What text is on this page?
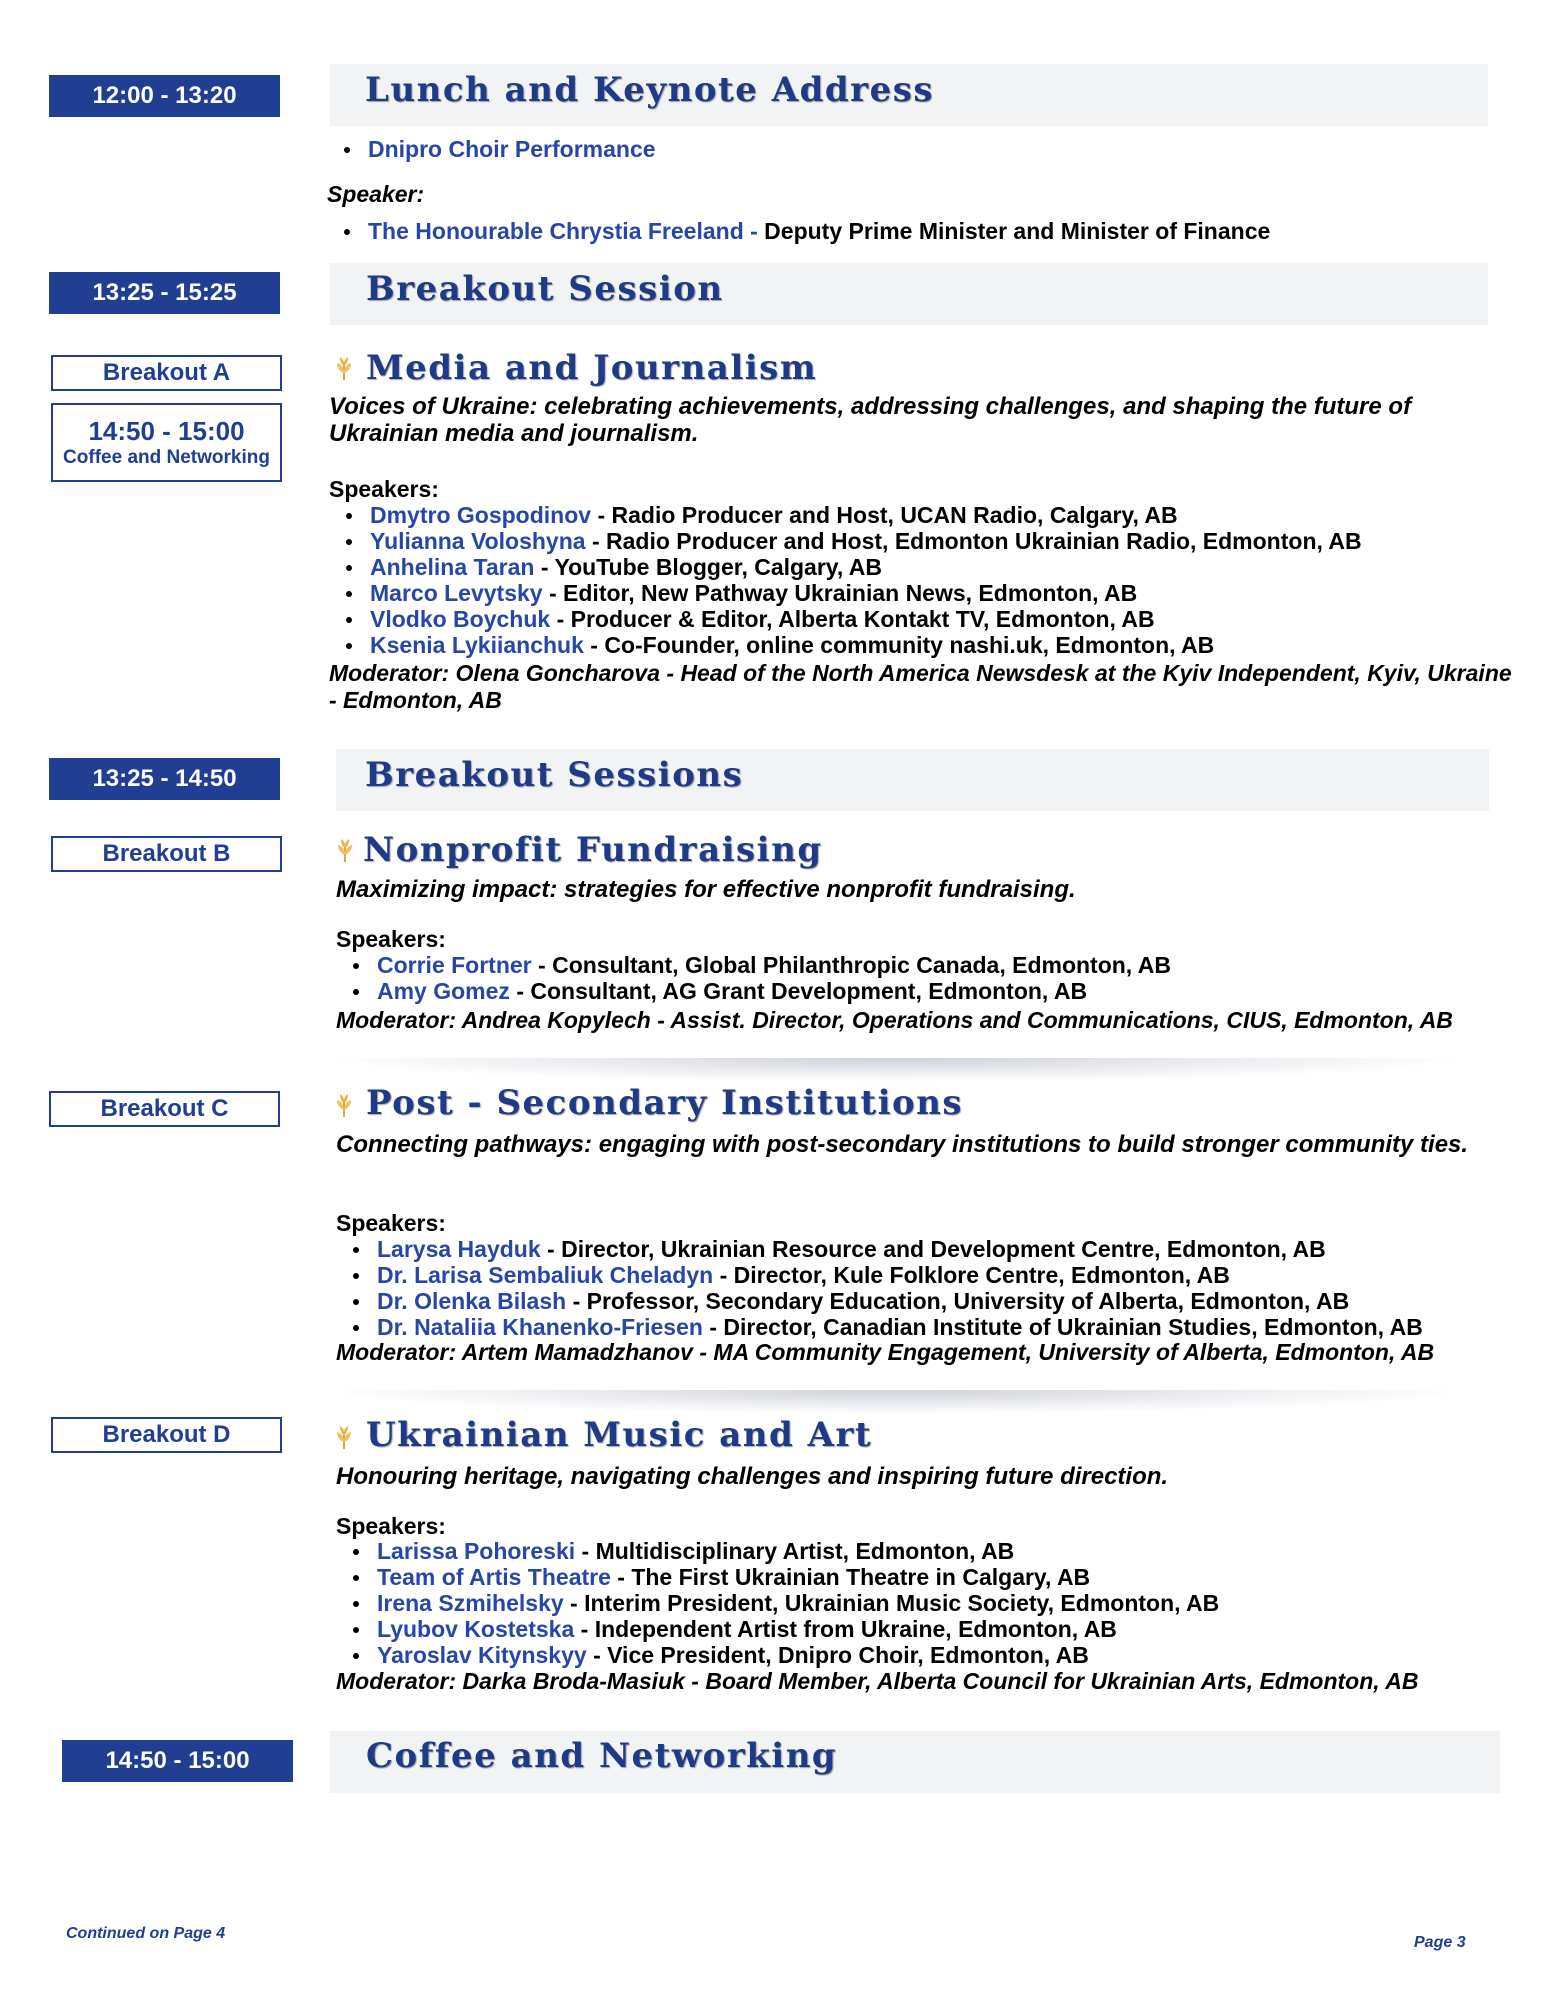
12:00 - 13:20	Lunch and Keynote Address
Dnipro Choir Performance
Speaker:
The Honourable Chrystia Freeland - Deputy Prime Minister and Minister of Finance
13:25 - 15:25	Breakout Session
Breakout A
14:50 - 15:00
Coffee and Networking
Media and Journalism
Voices of Ukraine: celebrating achievements, addressing challenges, and shaping the future of Ukrainian media and journalism.
Speakers:
Dmytro Gospodinov - Radio Producer and Host, UCAN Radio, Calgary, AB
Yulianna Voloshyna - Radio Producer and Host, Edmonton Ukrainian Radio, Edmonton, AB
Anhelina Taran - YouTube Blogger, Calgary, AB
Marco Levytsky - Editor, New Pathway Ukrainian News, Edmonton, AB
Vlodko Boychuk - Producer & Editor, Alberta Kontakt TV, Edmonton, AB
Ksenia Lykiianchuk - Co-Founder, online community nashi.uk, Edmonton, AB
Moderator: Olena Goncharova - Head of the North America Newsdesk at the Kyiv Independent, Kyiv, Ukraine - Edmonton, AB
13:25 - 14:50	Breakout Sessions
Breakout B	Nonprofit Fundraising
Maximizing impact: strategies for effective nonprofit fundraising.
Speakers:
Corrie Fortner - Consultant, Global Philanthropic Canada, Edmonton, AB
Amy Gomez - Consultant, AG Grant Development, Edmonton, AB
Moderator: Andrea Kopylech - Assist. Director, Operations and Communications, CIUS, Edmonton, AB
Breakout C	Post - Secondary Institutions
Connecting pathways: engaging with post-secondary institutions to build stronger community ties.
Speakers:
Larysa Hayduk - Director, Ukrainian Resource and Development Centre, Edmonton, AB
Dr. Larisa Sembaliuk Cheladyn - Director, Kule Folklore Centre, Edmonton, AB
Dr. Olenka Bilash - Professor, Secondary Education, University of Alberta, Edmonton, AB
Dr. Nataliia Khanenko-Friesen - Director, Canadian Institute of Ukrainian Studies, Edmonton, AB
Moderator: Artem Mamadzhanov - MA Community Engagement, University of Alberta, Edmonton, AB
Breakout D	Ukrainian Music and Art
Honouring heritage, navigating challenges and inspiring future direction.
Speakers:
Larissa Pohoreski - Multidisciplinary Artist, Edmonton, AB
Team of Artis Theatre - The First Ukrainian Theatre in Calgary, AB
Irena Szmihelsky - Interim President, Ukrainian Music Society, Edmonton, AB
Lyubov Kostetska - Independent Artist from Ukraine, Edmonton, AB
Yaroslav Kitynskyy - Vice President, Dnipro Choir, Edmonton, AB
Moderator: Darka Broda-Masiuk - Board Member, Alberta Council for Ukrainian Arts, Edmonton, AB
14:50 - 15:00	Coffee and Networking
Continued on Page 4
Page 3
